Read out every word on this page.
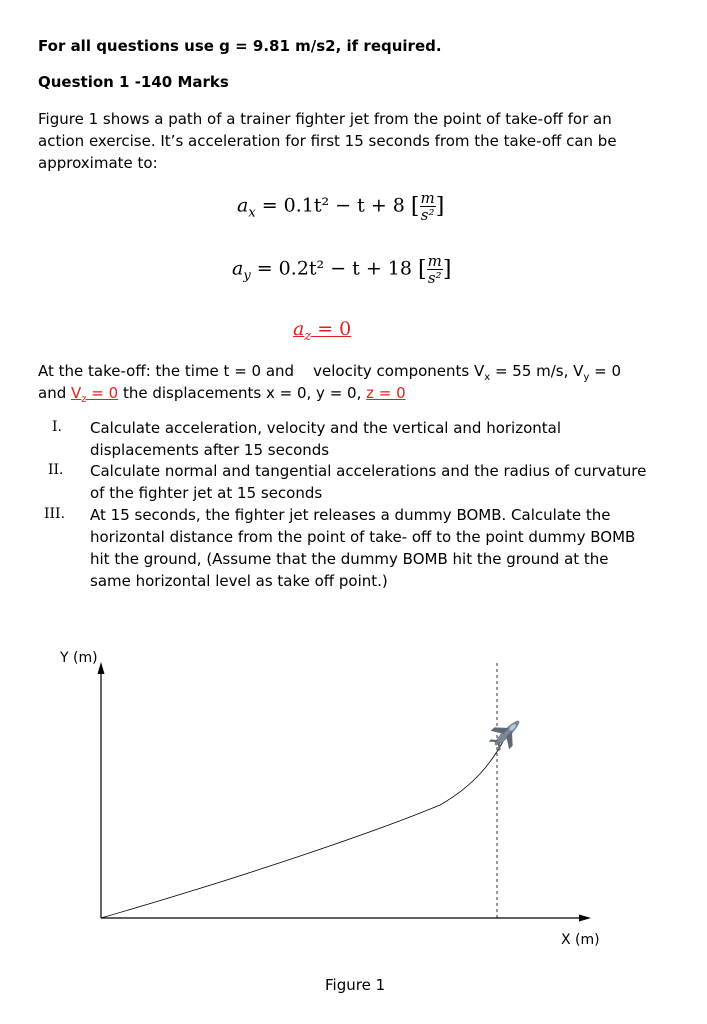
For all questions use g = 9.81 m/s2, if required.
Question 1 -140 Marks
Figure 1 shows a path of a trainer fighter jet from the point of take-off for an
action exercise. It’s acceleration for first 15 seconds from the take-off can be
approximate to:
$a_x = 0.1t^2 - t + 8$ [ $\frac{m}{\text{s²}}$ ]
$a_y = 0.2t^2 - t + 18$ [ $\frac{m}{\text{s²}}$ ]
$a_z = 0$
At the take-off: the time t = 0 and velocity components $V_x = 55$ m/s, $V_y = 0$
and $V_z = 0$ the displacements x = 0, y = 0, z = 0
I. Calculate acceleration, velocity and the vertical and horizontal
displacements after 15 seconds
II. Calculate normal and tangential accelerations and the radius of curvature
of the fighter jet at 15 seconds
III. At 15 seconds, the fighter jet releases a dummy BOMB. Calculate the
horizontal distance from the point of take- off to the point dummy BOMB
hit the ground, (Assume that the dummy BOMB hit the ground at the
same horizontal level as take off point.)
Y (m)
X (m)
Figure 1
